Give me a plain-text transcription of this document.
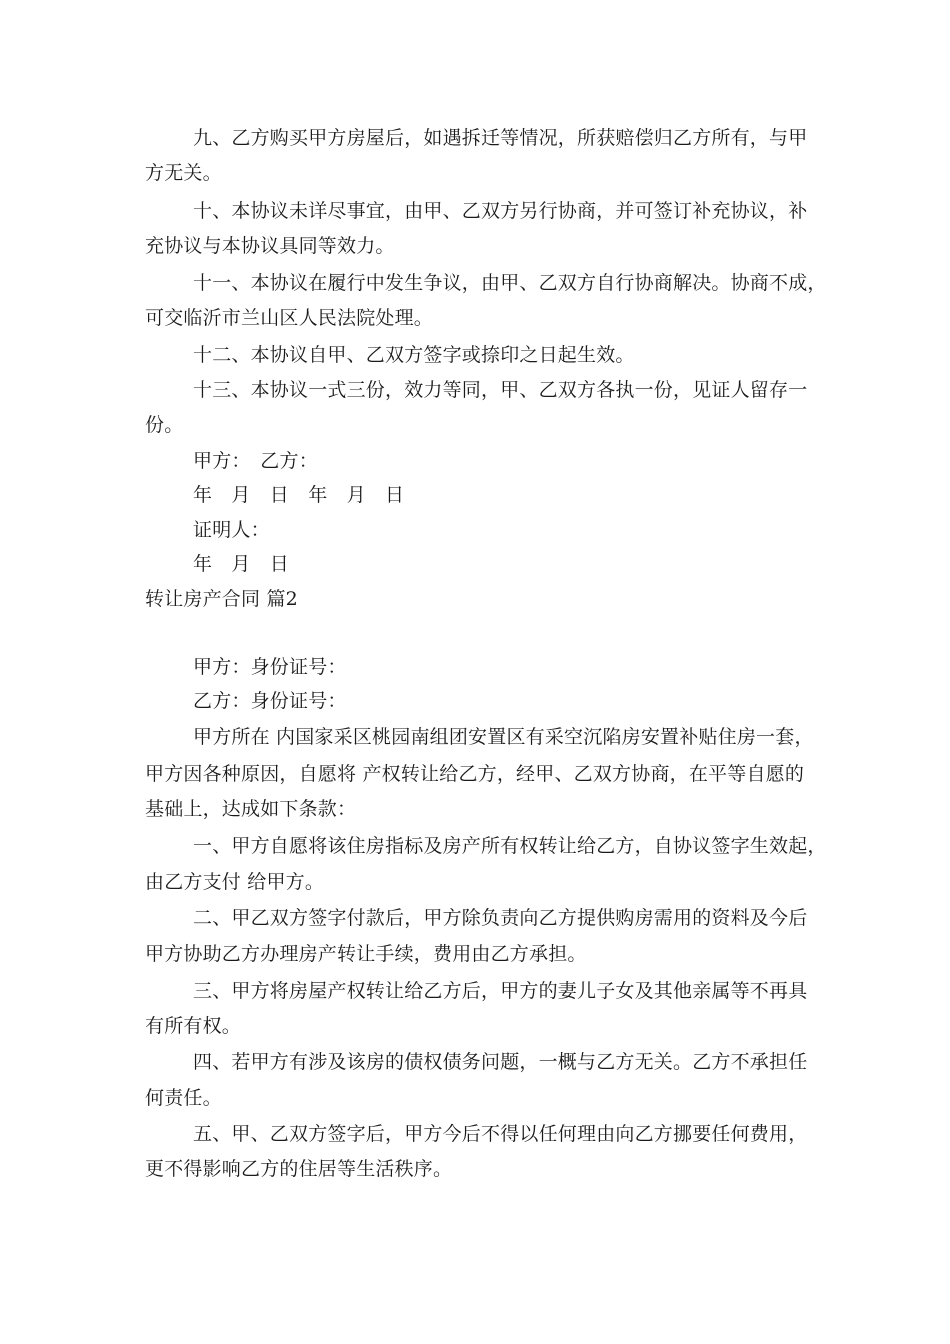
九、乙方购买甲方房屋后，如遇拆迁等情况，所获赔偿归乙方所有，与甲
方无关。
十、本协议未详尽事宜，由甲、乙双方另行协商，并可签订补充协议，补
充协议与本协议具同等效力。
十一、本协议在履行中发生争议，由甲、乙双方自行协商解决。协商不成，
可交临沂市兰山区人民法院处理。
十二、本协议自甲、乙双方签字或捺印之日起生效。
十三、本协议一式三份，效力等同，甲、乙双方各执一份，见证人留存一
份。
甲方：　乙方：
年　月　日　年　月　日
证明人：
年　月　日
转让房产合同 篇2
甲方：身份证号：
乙方：身份证号：
甲方所在 内国家采区桃园南组团安置区有采空沉陷房安置补贴住房一套，
甲方因各种原因，自愿将 产权转让给乙方，经甲、乙双方协商，在平等自愿的
基础上，达成如下条款：
一、甲方自愿将该住房指标及房产所有权转让给乙方，自协议签字生效起，
由乙方支付 给甲方。
二、甲乙双方签字付款后，甲方除负责向乙方提供购房需用的资料及今后
甲方协助乙方办理房产转让手续，费用由乙方承担。
三、甲方将房屋产权转让给乙方后，甲方的妻儿子女及其他亲属等不再具
有所有权。
四、若甲方有涉及该房的债权债务问题，一概与乙方无关。乙方不承担任
何责任。
五、甲、乙双方签字后，甲方今后不得以任何理由向乙方挪要任何费用，
更不得影响乙方的住居等生活秩序。
